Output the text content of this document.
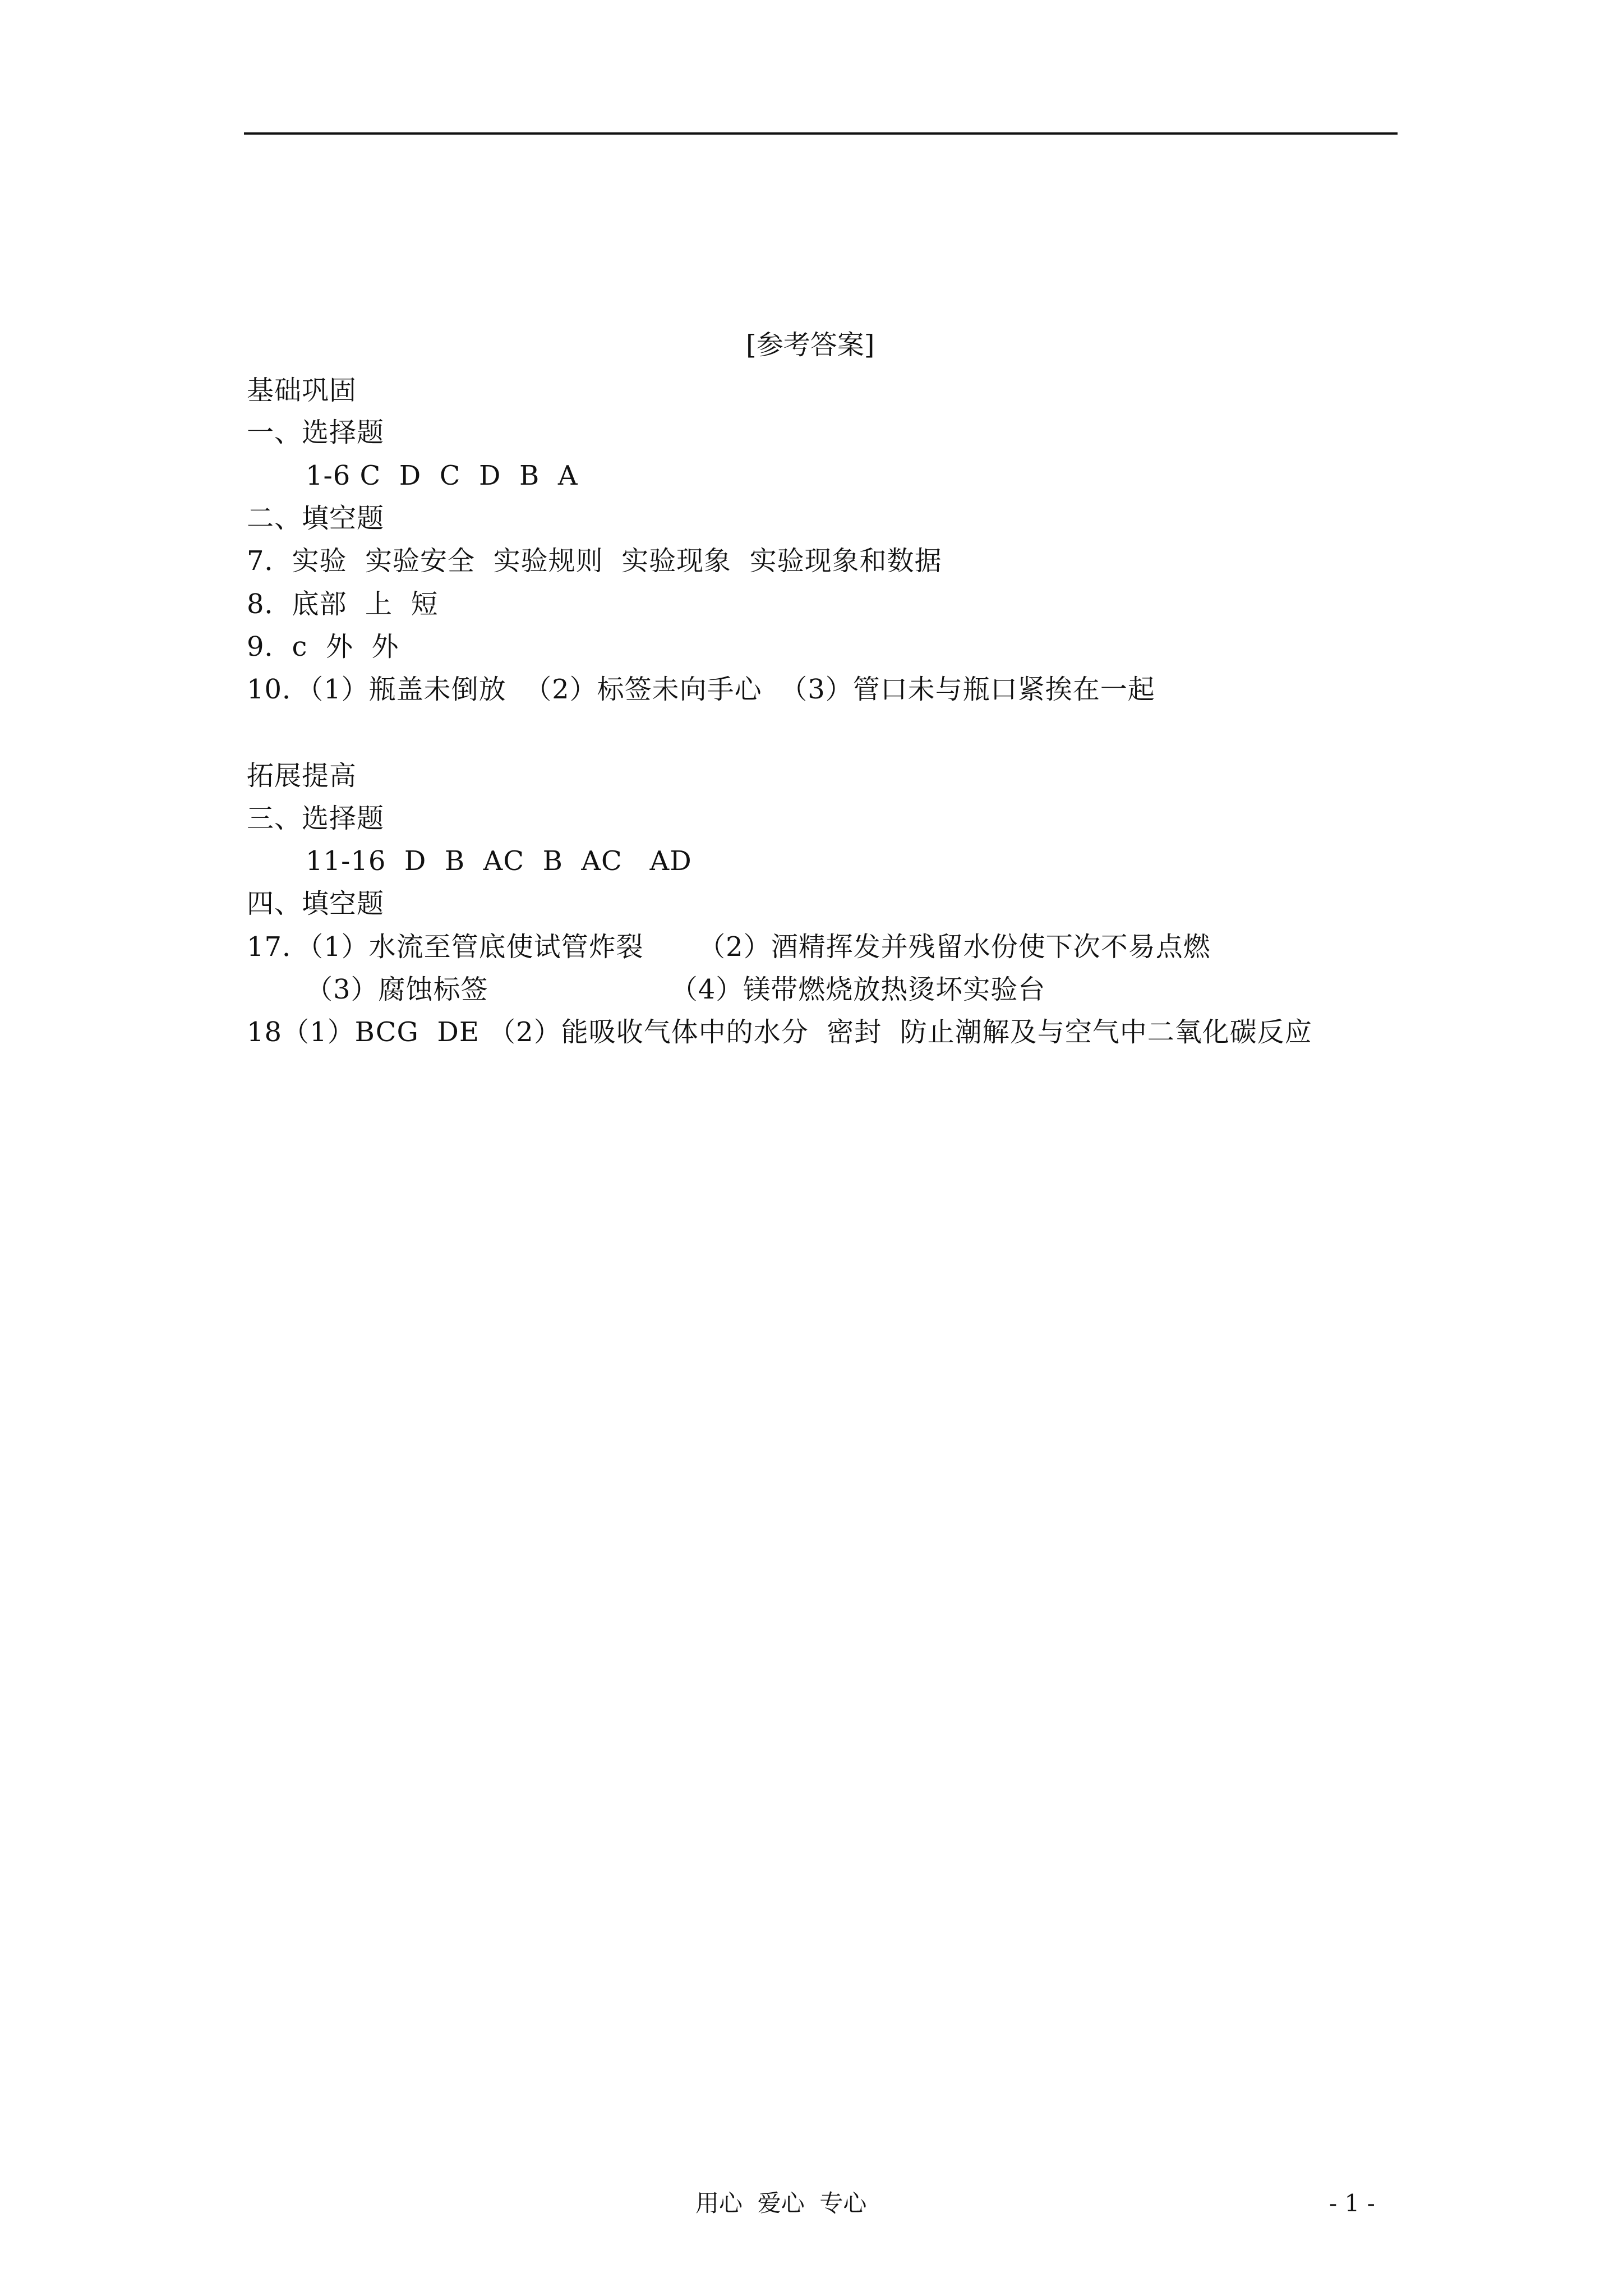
[参考答案]
基础巩固
一、选择题
1-6 C  D  C  D  B  A
二、填空题
7．实验  实验安全  实验规则  实验现象  实验现象和数据
8．底部  上  短
9．c  外  外
10．（1）瓶盖未倒放  （2）标签未向手心  （3）管口未与瓶口紧挨在一起
拓展提高
三、选择题
11-16  D  B  AC  B  AC   AD
四、填空题
17．（1）水流至管底使试管炸裂      （2）酒精挥发并残留水份使下次不易点燃
（3）腐蚀标签                    （4）镁带燃烧放热烫坏实验台
18（1）BCG  DE （2）能吸收气体中的水分  密封  防止潮解及与空气中二氧化碳反应
用心  爱心  专心	- 1 -
